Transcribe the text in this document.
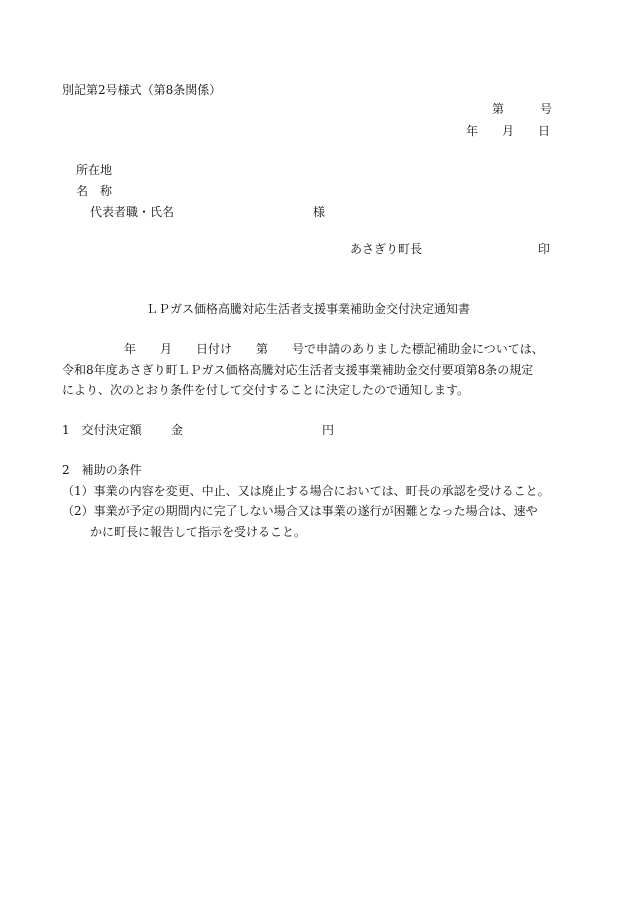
別記第2号様式（第8条関係）
第　　　号
年　　月　　日
所在地
名　称
代表者職・氏名	様
あさぎり町長	印
ＬＰガス価格高騰対応生活者支援事業補助金交付決定通知書
年　　月　　日付け　　第　　号で申請のありました標記補助金については、
令和8年度あさぎり町ＬＰガス価格高騰対応生活者支援事業補助金交付要項第8条の規定
により、次のとおり条件を付して交付することに決定したので通知します。
1　交付決定額 金	円
2　補助の条件
（1）事業の内容を変更、中止、又は廃止する場合においては、町長の承認を受けること。
（2）事業が予定の期間内に完了しない場合又は事業の遂行が困難となった場合は、速や
かに町長に報告して指示を受けること。
